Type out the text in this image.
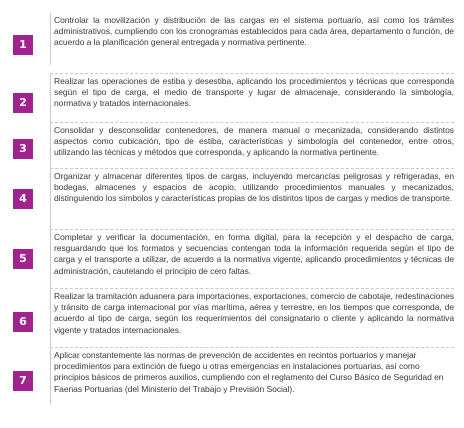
1
Controlar la movilización y distribución de las cargas en el sistema portuario, así como los trámites administrativos, cumpliendo con los cronogramas establecidos para cada área, departamento o función, de acuerdo a la planificación general entregada y normativa pertinente.
2
Realizar las operaciones de estiba y desestiba, aplicando los procedimientos y técnicas que corresponda según el tipo de carga, el medio de transporte y lugar de almacenaje, considerando la simbología, normativa y tratados internacionales.
3
Consolidar y desconsolidar contenedores, de manera manual o mecanizada, considerando distintos aspectos como cubicación, tipo de estiba, características y simbología del contenedor, entre otros, utilizando las técnicas y métodos que corresponda, y aplicando la normativa pertinente.
4
Organizar y almacenar diferentes tipos de cargas, incluyendo mercancías peligrosas y refrigeradas, en bodegas, almacenes y espacios de acopio, utilizando procedimientos manuales y mecanizados, distinguiendo los símbolos y características propias de los distintos tipos de cargas y medios de transporte.
5
Completar y verificar la documentación, en forma digital, para la recepción y el despacho de carga, resguardando que los formatos y secuencias contengan toda la información requerida según el tipo de carga y el transporte a utilizar, de acuerdo a la normativa vigente, aplicando procedimientos y técnicas de administración, cautelando el principio de cero faltas.
6
Realizar la tramitación aduanera para importaciones, exportaciones, comercio de cabotaje, redestinaciones y tránsito de carga internacional por vías marítima, aérea y terrestre, en los tiempos que corresponda, de acuerdo al tipo de carga, según los requerimientos del consignatario o cliente y aplicando la normativa vigente y tratados internacionales.
7
Aplicar constantemente las normas de prevención de accidentes en recintos portuarios y manejar procedimientos para extinción de fuego u otras emergencias en instalaciones portuarias, así como principios básicos de primeros auxilios, cumpliendo con el reglamento del Curso Básico de Seguridad en Faenas Portuarias (del Ministerio del Trabajo y Previsión Social).
